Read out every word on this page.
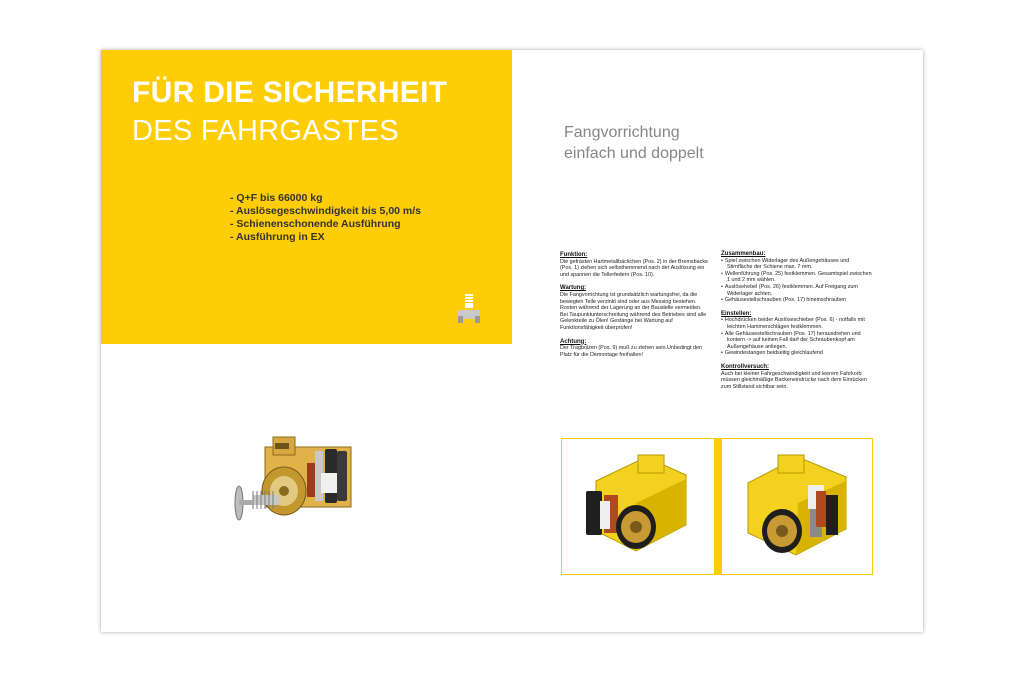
FÜR DIE SICHERHEIT
DES FAHRGASTES
- Q+F bis 66000 kg
- Auslösegeschwindigkeit bis 5,00 m/s
- Schienenschonende Ausführung
- Ausführung in EX
Fangvorrichtung
einfach und doppelt
Funktion:

Die gefrästen Hartmetallbäckchen (Pos. 2) in der Bremsbacke (Pos. 1) ziehen sich selbsthemmend nach der Auslösung ein und spannen die Tellerfedern (Pos. 10).

Wartung:

Die Fangvorrichtung ist grundsätzlich wartungsfrei, da die bewegten Teile verzinkt sind oder aus Messing bestehen. Rosten während der Lagerung an der Baustelle vermeiden. Bei Taupunktunterschreitung während des Betriebes sind alle Gelenkteile zu Ölen! Gestänge bei Wartung auf Funktionsfähigkeit überprüfen!

Achtung:

Der Tragbolzen (Pos. 9) muß zu ziehen sein.Unbedingt den Platz für die Demontage freihalten!

Zusammenbau:
• Spiel zwischen Widerlager des Außengehäuses und Stirnfläche der Schiene max. 7 mm.
• Wellenführung (Pos. 25) festklemmen. Gesamtspiel zwischen 1 und 2 mm wählen.
• Auslösehebel (Pos. 26) festklemmen. Auf Freigang zum Widerlager achten.
• Gehäusestellschrauben (Pos. 17) hineinschrauben
Einstellen:
• Hochdrücken beider Auslöseschieber (Pos. 6) - notfalls mit leichten Hammerschlägen festklemmen.
• Alle Gehäusestellschrauben (Pos. 17) herausdrehen und kontern -> auf keinen Fall darf der Schraubenkopf am Außengehäuse anliegen.
• Gewindestangen beidseitig gleichlaufend
Kontrollversuch:

Auch bei kleiner Fahrgeschwindigkeit und leerem Fahrkorb müssen gleichmäßige Backeneindrücke nach dem Einrücken zum Stillstand sichtbar sein.
